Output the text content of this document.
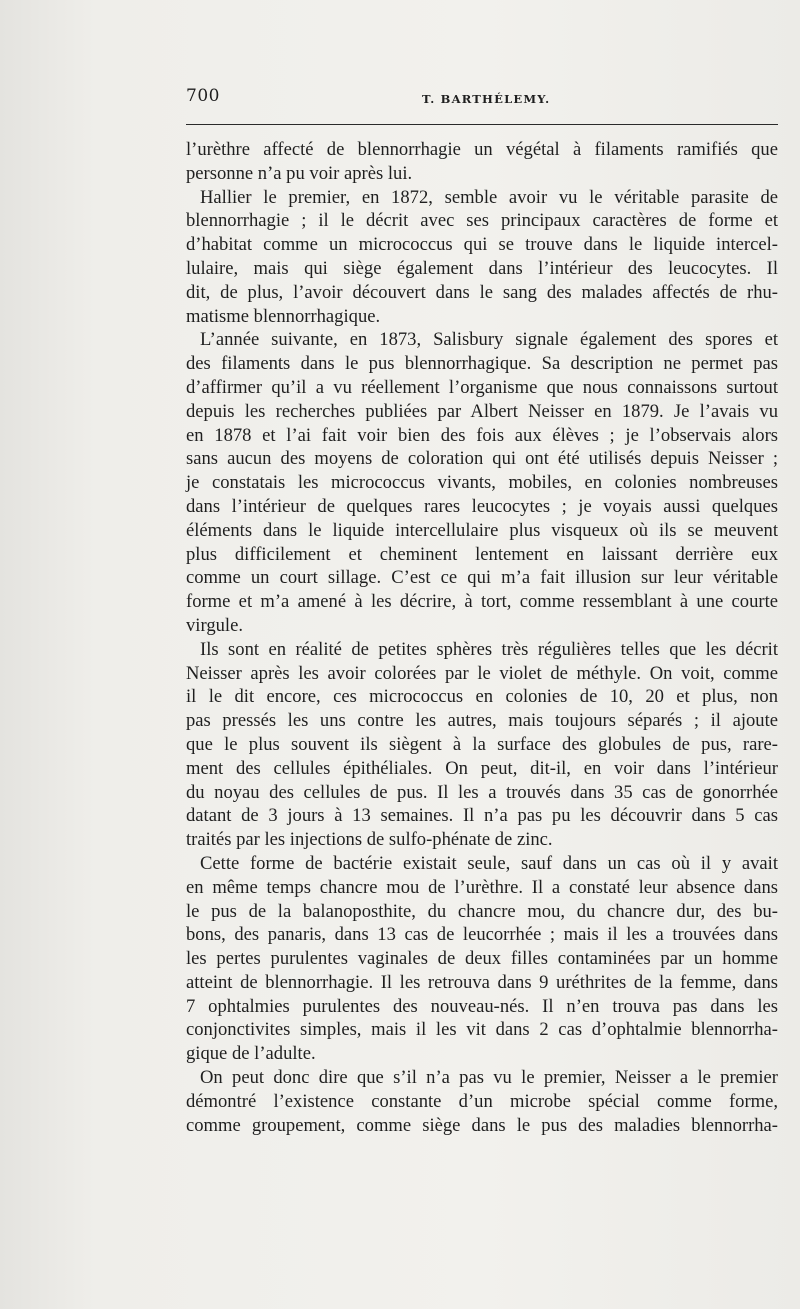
700	T. BARTHÉLEMY.
l’urèthre affecté de blennorrhagie un végétal à filaments ramifiés que
personne n’a pu voir après lui.
Hallier le premier, en 1872, semble avoir vu le véritable parasite de
blennorrhagie ; il le décrit avec ses principaux caractères de forme et
d’habitat comme un micrococcus qui se trouve dans le liquide intercel-
lulaire, mais qui siège également dans l’intérieur des leucocytes. Il
dit, de plus, l’avoir découvert dans le sang des malades affectés de rhu-
matisme blennorrhagique.
L’année suivante, en 1873, Salisbury signale également des spores et
des filaments dans le pus blennorrhagique. Sa description ne permet pas
d’affirmer qu’il a vu réellement l’organisme que nous connaissons surtout
depuis les recherches publiées par Albert Neisser en 1879. Je l’avais vu
en 1878 et l’ai fait voir bien des fois aux élèves ; je l’observais alors
sans aucun des moyens de coloration qui ont été utilisés depuis Neisser ;
je constatais les micrococcus vivants, mobiles, en colonies nombreuses
dans l’intérieur de quelques rares leucocytes ; je voyais aussi quelques
éléments dans le liquide intercellulaire plus visqueux où ils se meuvent
plus difficilement et cheminent lentement en laissant derrière eux
comme un court sillage. C’est ce qui m’a fait illusion sur leur véritable
forme et m’a amené à les décrire, à tort, comme ressemblant à une courte
virgule.
Ils sont en réalité de petites sphères très régulières telles que les décrit
Neisser après les avoir colorées par le violet de méthyle. On voit, comme
il le dit encore, ces micrococcus en colonies de 10, 20 et plus, non
pas pressés les uns contre les autres, mais toujours séparés ; il ajoute
que le plus souvent ils siègent à la surface des globules de pus, rare-
ment des cellules épithéliales. On peut, dit-il, en voir dans l’intérieur
du noyau des cellules de pus. Il les a trouvés dans 35 cas de gonorrhée
datant de 3 jours à 13 semaines. Il n’a pas pu les découvrir dans 5 cas
traités par les injections de sulfo-phénate de zinc.
Cette forme de bactérie existait seule, sauf dans un cas où il y avait
en même temps chancre mou de l’urèthre. Il a constaté leur absence dans
le pus de la balanoposthite, du chancre mou, du chancre dur, des bu-
bons, des panaris, dans 13 cas de leucorrhée ; mais il les a trouvées dans
les pertes purulentes vaginales de deux filles contaminées par un homme
atteint de blennorrhagie. Il les retrouva dans 9 uréthrites de la femme, dans
7 ophtalmies purulentes des nouveau-nés. Il n’en trouva pas dans les
conjonctivites simples, mais il les vit dans 2 cas d’ophtalmie blennorrha-
gique de l’adulte.
On peut donc dire que s’il n’a pas vu le premier, Neisser a le premier
démontré l’existence constante d’un microbe spécial comme forme,
comme groupement, comme siège dans le pus des maladies blennorrha-
